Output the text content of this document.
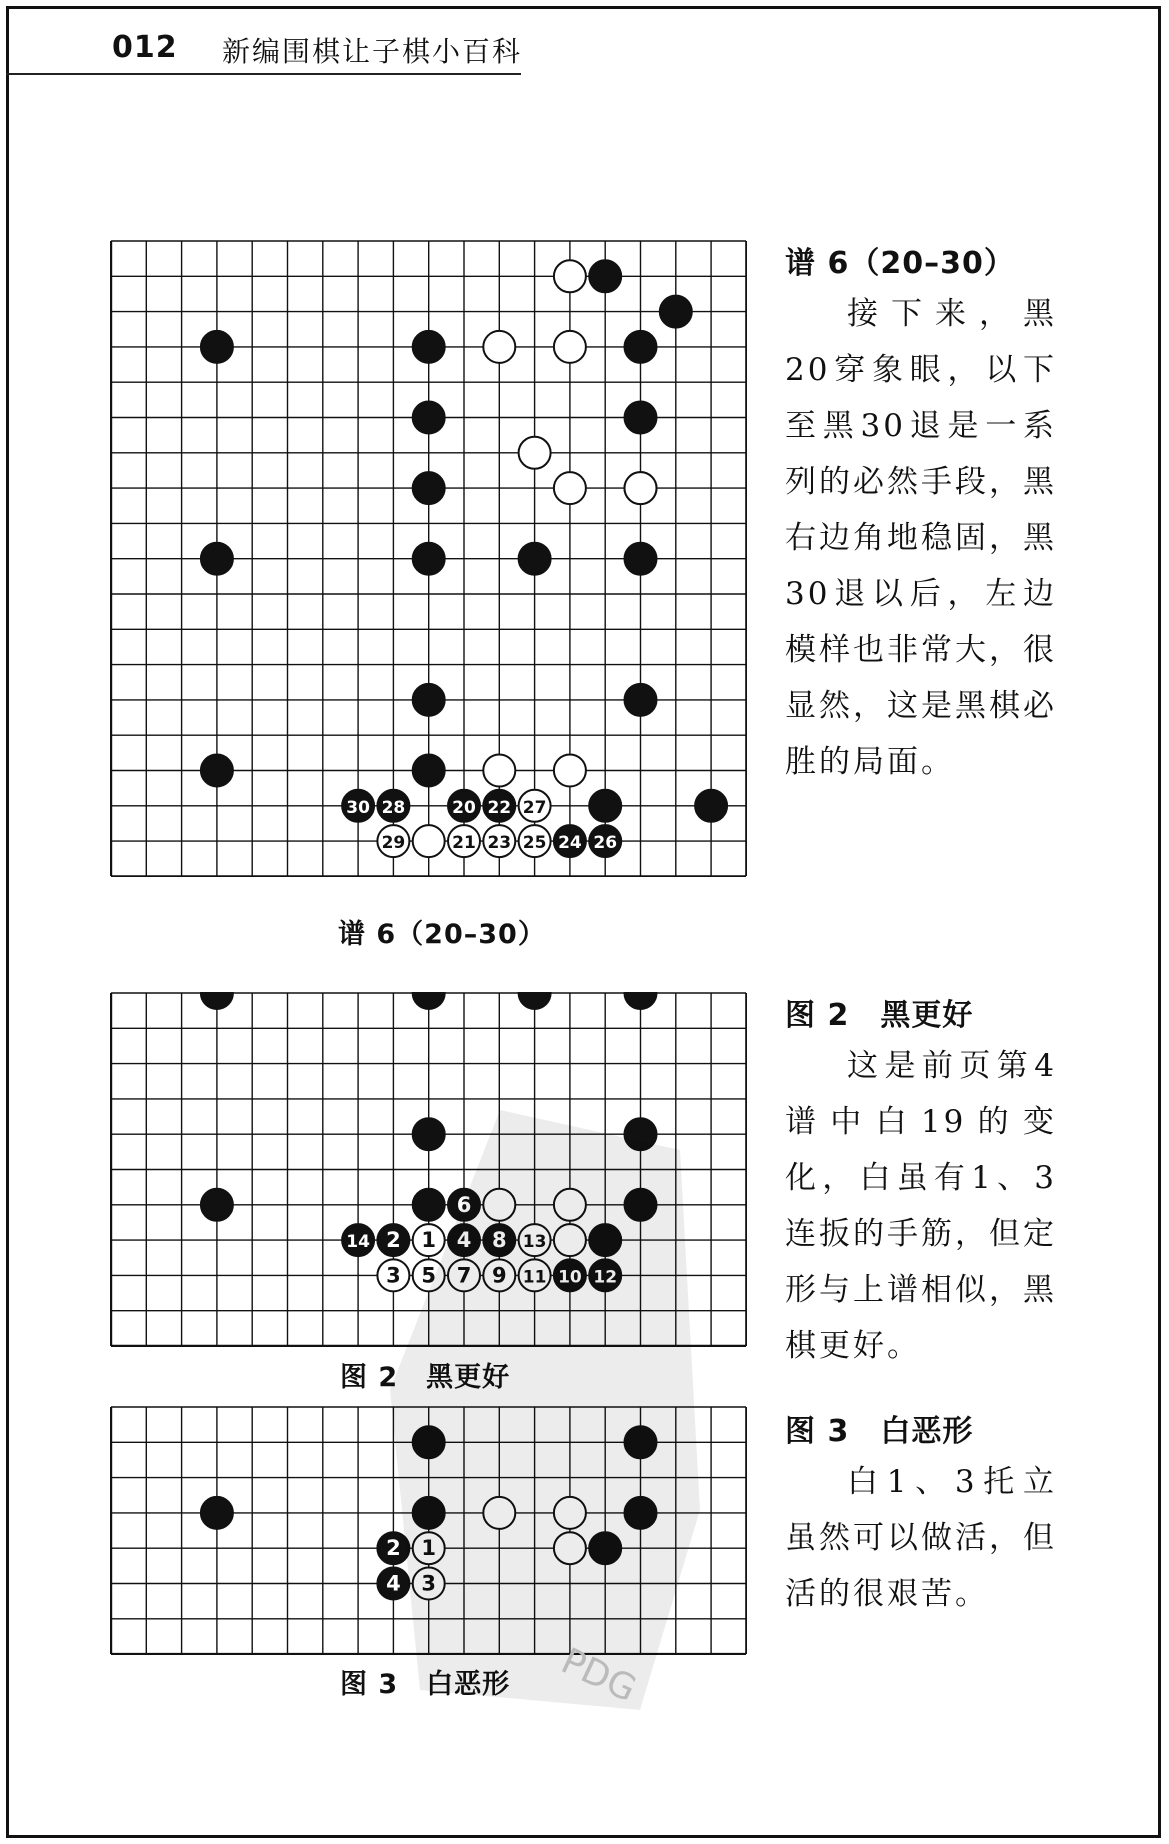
012 新编围棋让子棋小百科
30 28	20 22 27
29	21 23 25 24 26
谱 6（20–30）
谱 6（20–30）

接下来，黑20穿象眼，以下至黑30退是一系列的必然手段，黑右边角地稳固，黑30退以后，左边模样也非常大，很显然，这是黑棋必胜的局面。

6
14 2 1 4 8 13
3 5 7 9 11 10 12
图 2　黑更好
图 2　黑更好

这是前页第4谱中白19的变化，白虽有1、3连扳的手筋，但定形与上谱相似，黑棋更好。

2 1
4 3
图 3　白恶形
图 3　白恶形

白1、3托立虽然可以做活，但活的很艰苦。

PDG
